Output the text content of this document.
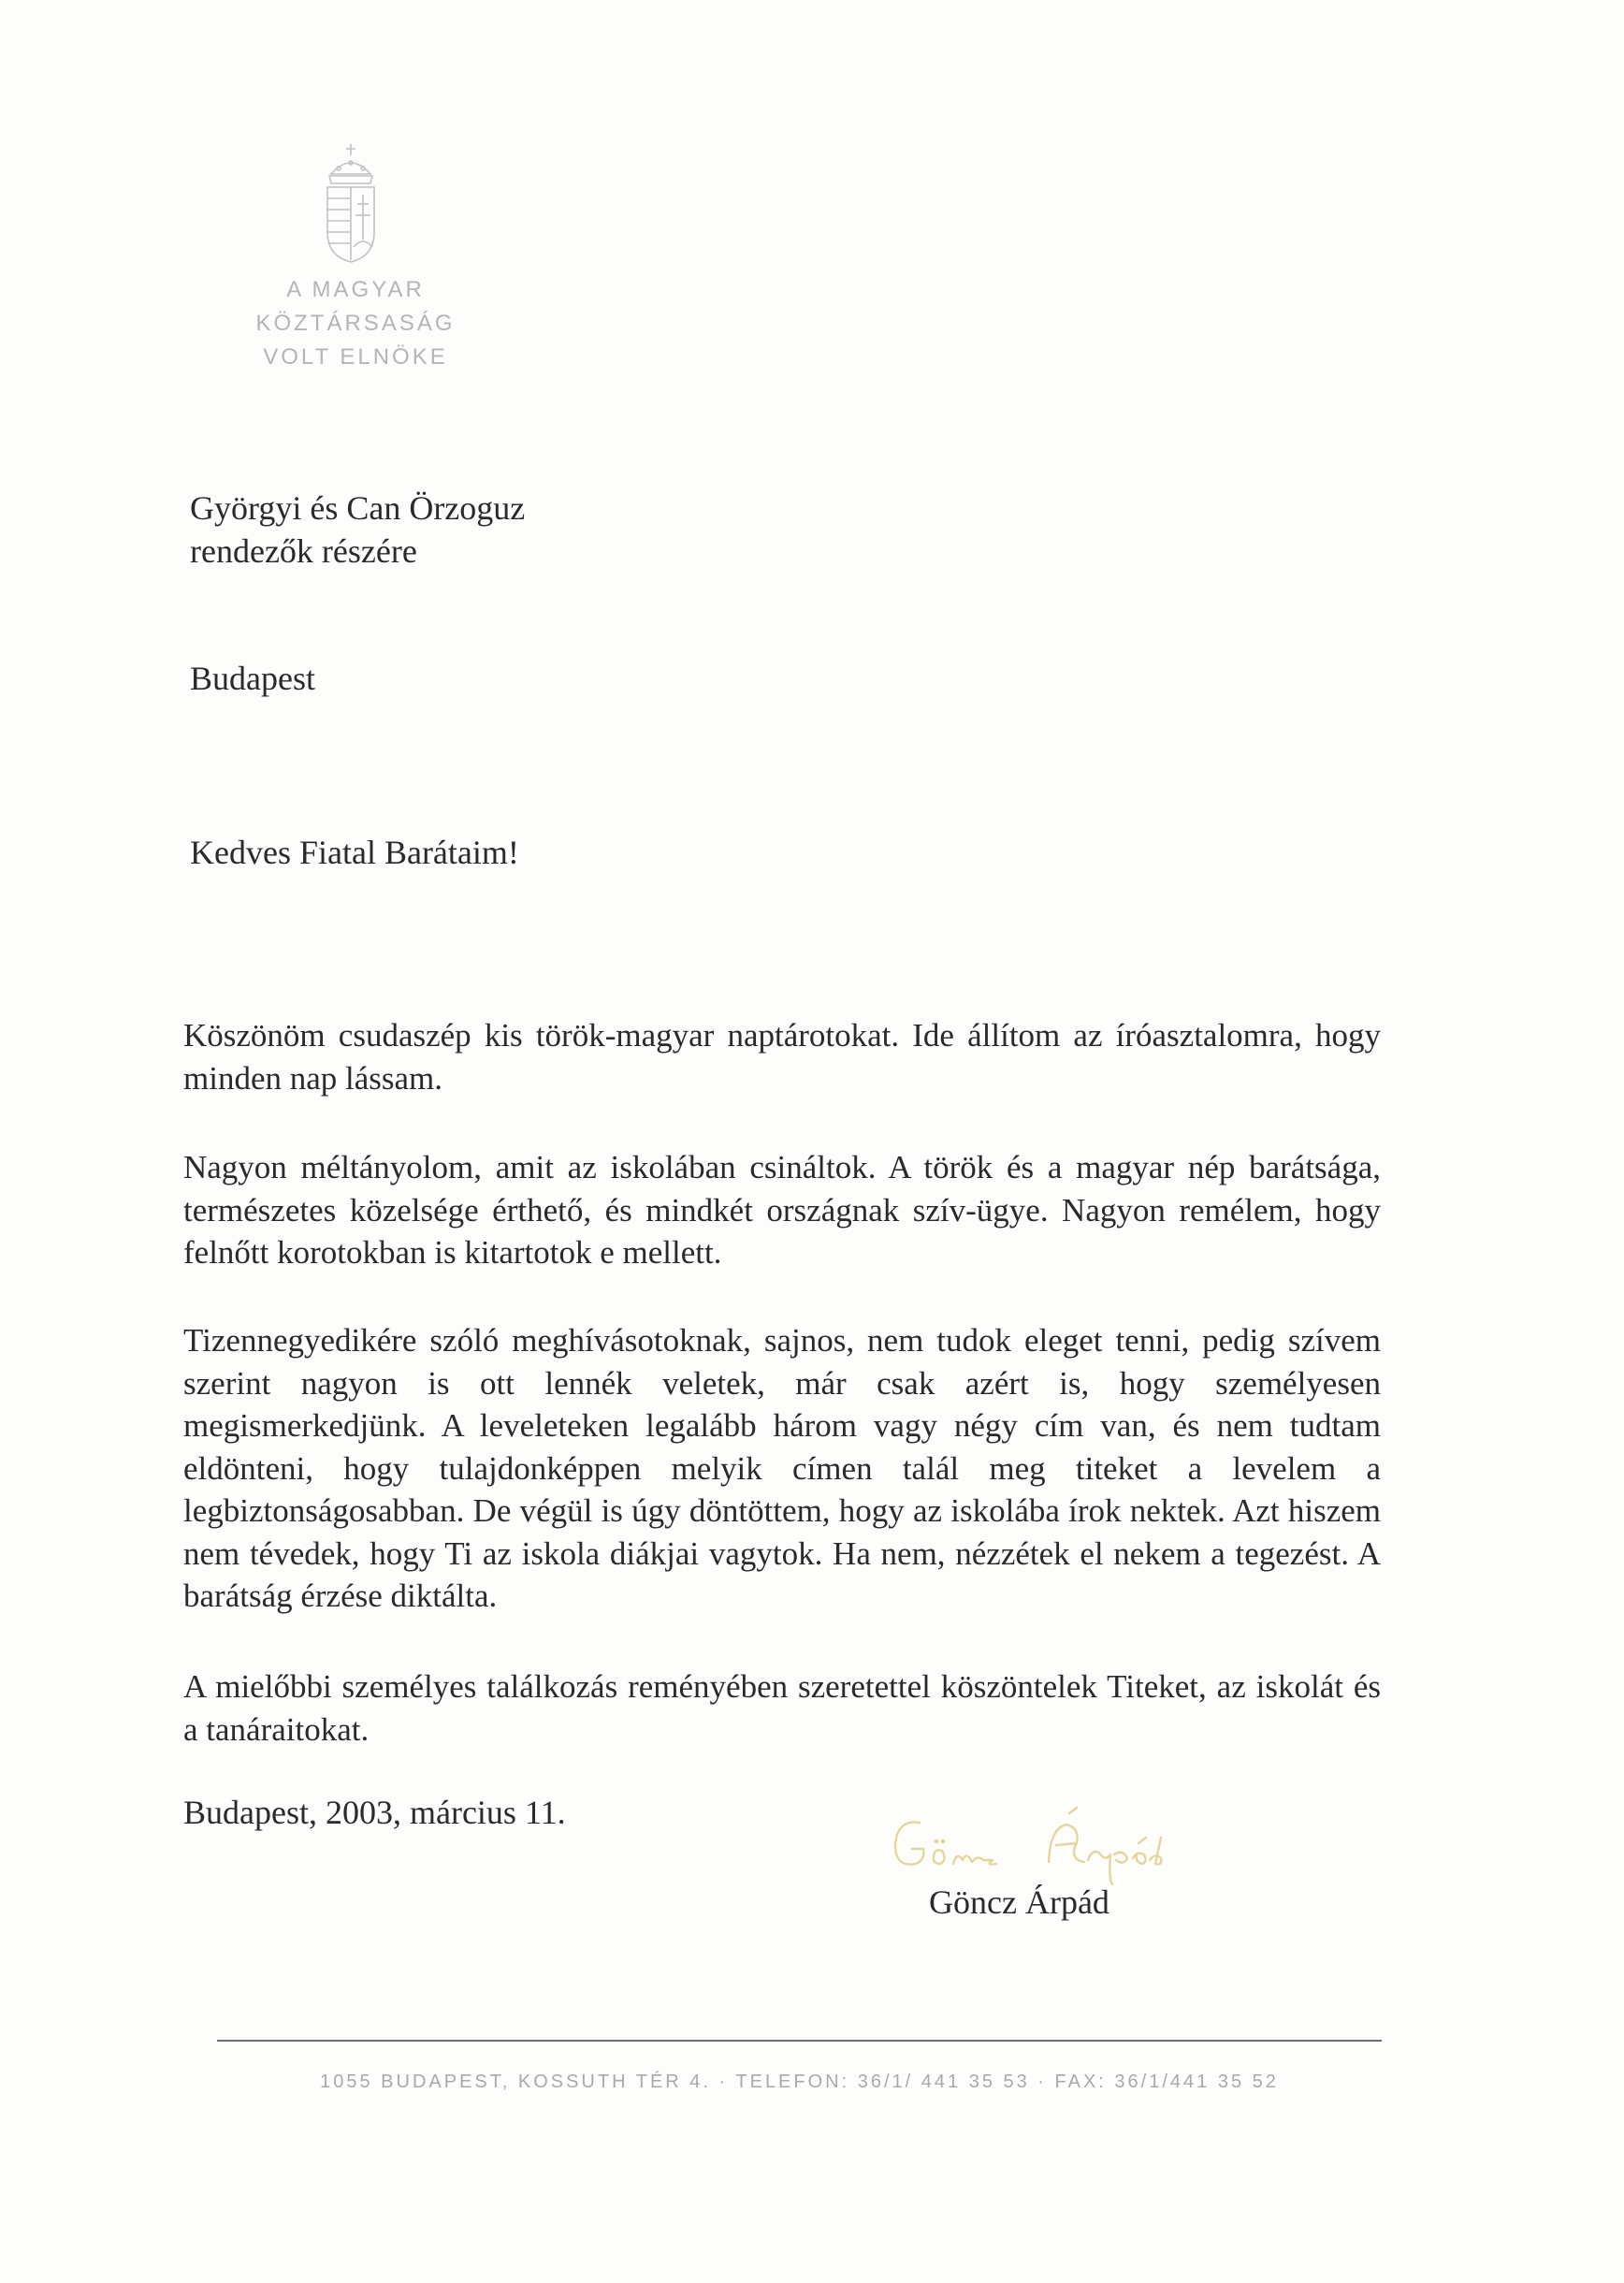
A MAGYAR
KÖZTÁRSASÁG
VOLT ELNÖKE
Györgyi és Can Örzoguz
rendezők részére
Budapest
Kedves Fiatal Barátaim!
Köszönöm csudaszép kis török-magyar naptárotokat. Ide állítom az íróasztalomra, hogy minden nap lássam.
Nagyon méltányolom, amit az iskolában csináltok. A török és a magyar nép barátsága, természetes közelsége érthető, és mindkét országnak szív-ügye. Nagyon remélem, hogy felnőtt korotokban is kitartotok e mellett.
Tizennegyedikére szóló meghívásotoknak, sajnos, nem tudok eleget tenni, pedig szívem szerint nagyon is ott lennék veletek, már csak azért is, hogy személyesen megismerkedjünk. A leveleteken legalább három vagy négy cím van, és nem tudtam eldönteni, hogy tulajdonképpen melyik címen talál meg titeket a levelem a legbiztonságosabban. De végül is úgy döntöttem, hogy az iskolába írok nektek. Azt hiszem nem tévedek, hogy Ti az iskola diákjai vagytok. Ha nem, nézzétek el nekem a tegezést. A barátság érzése diktálta.
A mielőbbi személyes találkozás reményében szeretettel köszöntelek Titeket, az iskolát és a tanáraitokat.
Budapest, 2003, március 11.
Göncz Árpád
1055 BUDAPEST, KOSSUTH TÉR 4. · TELEFON: 36/1/ 441 35 53 · FAX: 36/1/441 35 52
